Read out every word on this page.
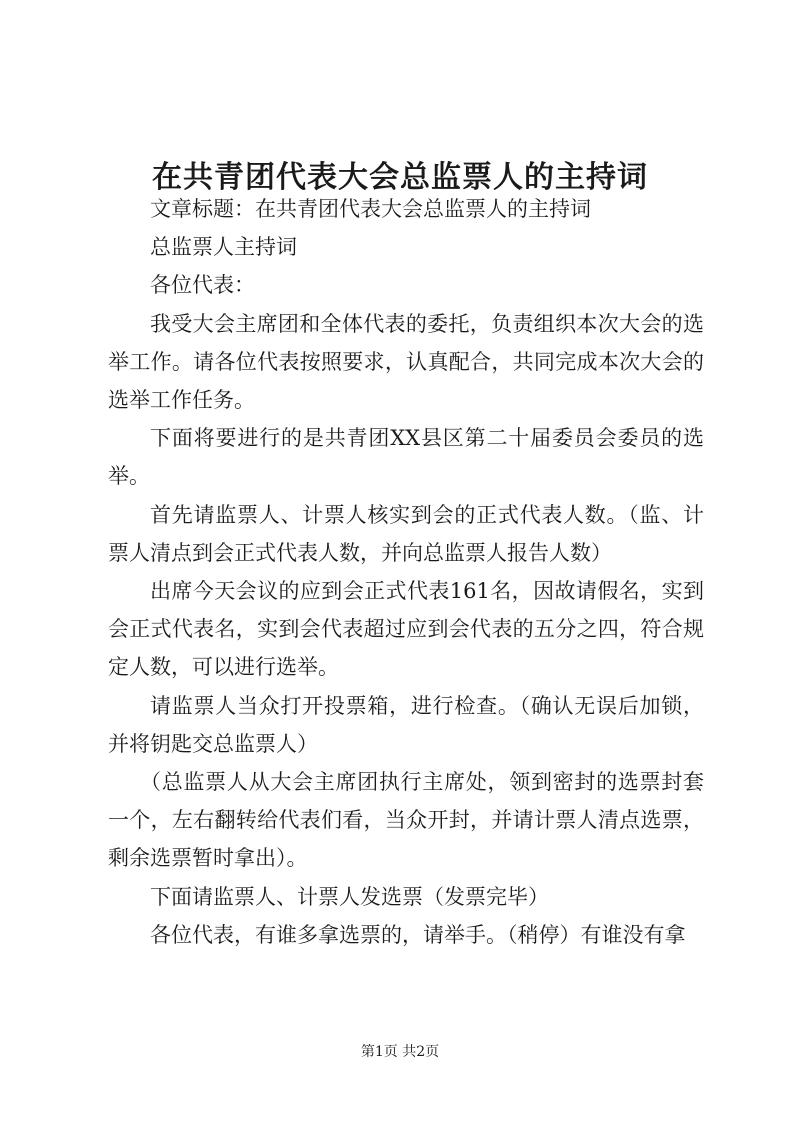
在共青团代表大会总监票人的主持词

文章标题：在共青团代表大会总监票人的主持词

总监票人主持词

各位代表：

我受大会主席团和全体代表的委托，负责组织本次大会的选举工作。请各位代表按照要求，认真配合，共同完成本次大会的选举工作任务。

下面将要进行的是共青团XX县区第二十届委员会委员的选举。

首先请监票人、计票人核实到会的正式代表人数。（监、计票人清点到会正式代表人数，并向总监票人报告人数）

出席今天会议的应到会正式代表161名，因故请假名，实到会正式代表名，实到会代表超过应到会代表的五分之四，符合规定人数，可以进行选举。

请监票人当众打开投票箱，进行检查。（确认无误后加锁，并将钥匙交总监票人）

（总监票人从大会主席团执行主席处，领到密封的选票封套一个，左右翻转给代表们看，当众开封，并请计票人清点选票，剩余选票暂时拿出）。

下面请监票人、计票人发选票（发票完毕）

各位代表，有谁多拿选票的，请举手。（稍停）有谁没有拿

第1页 共2页
